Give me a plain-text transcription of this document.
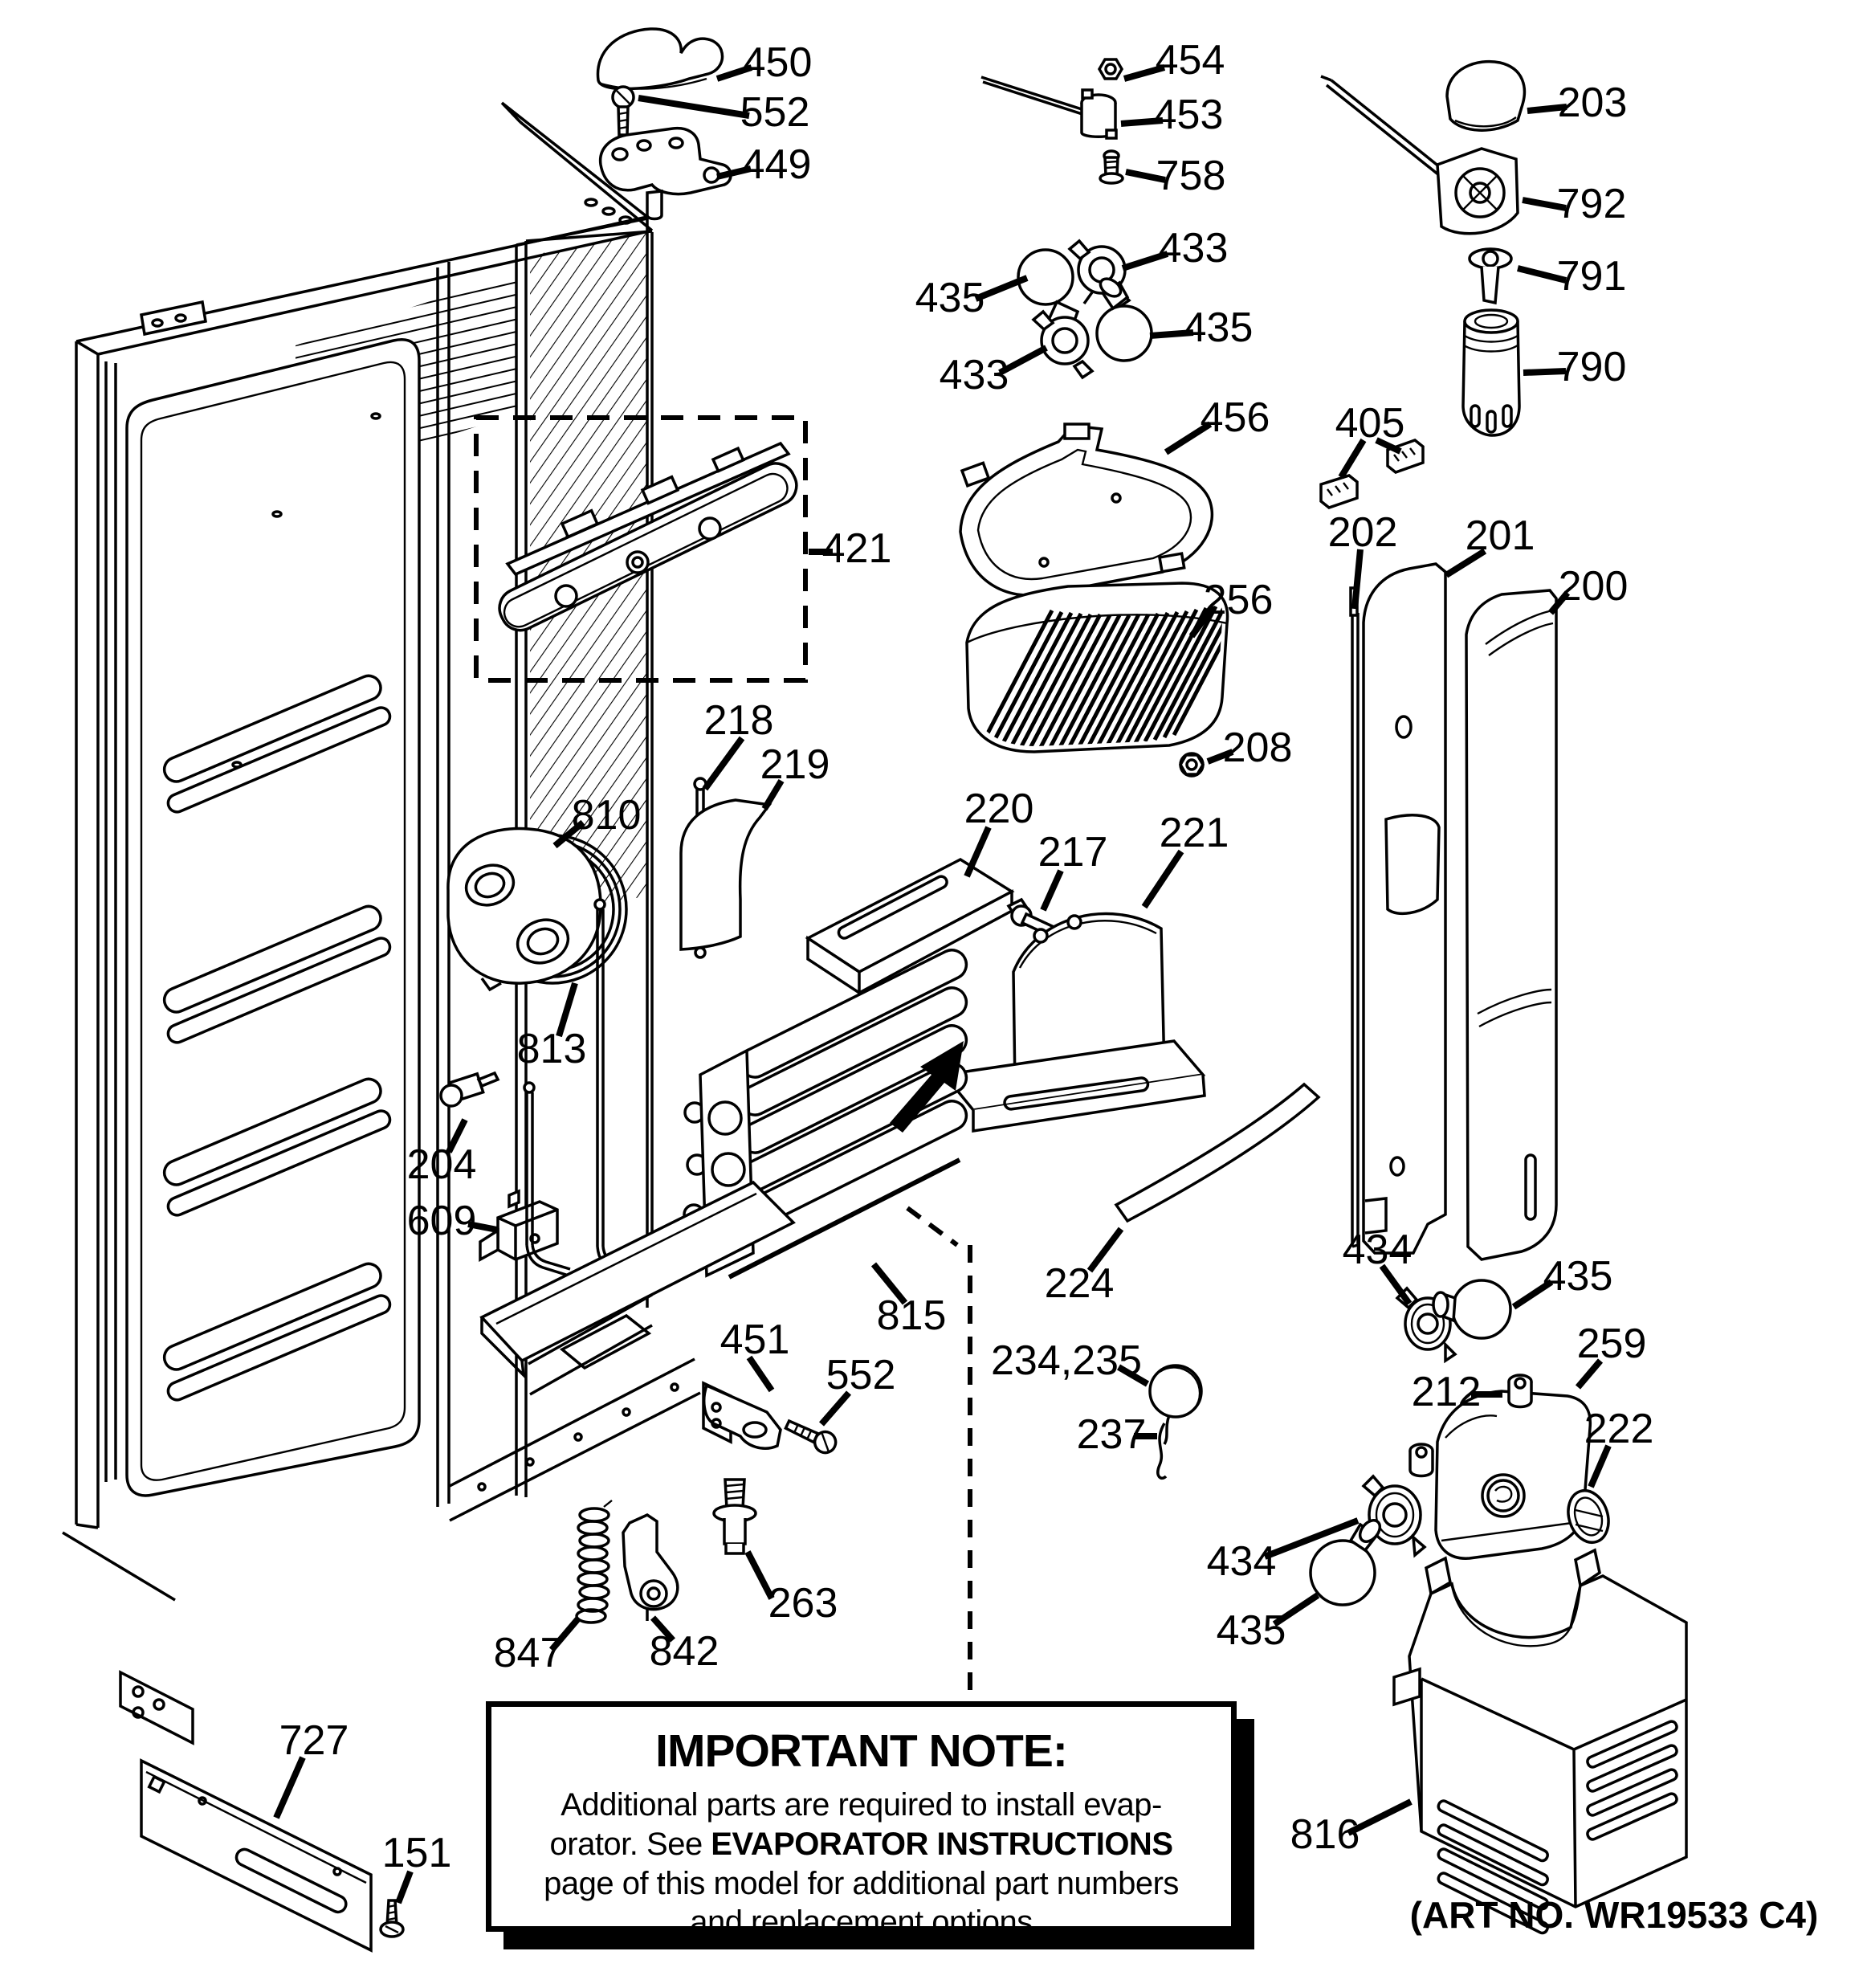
450
552
449
454
453
758
433
435
433
435
203
792
791
790
405
202 201
200
421
456
256
208
218
219
220
217 221
810
813
204
609
815
451
552
263
847 842
224
234,235
237
434
435
259
212
222
434
435
727
151	816
(ART NO. WR19533 C4)
IMPORTANT NOTE:
Additional parts are required to install evap-
orator. See EVAPORATOR INSTRUCTIONS
page of this model for additional part numbers
and replacement options
